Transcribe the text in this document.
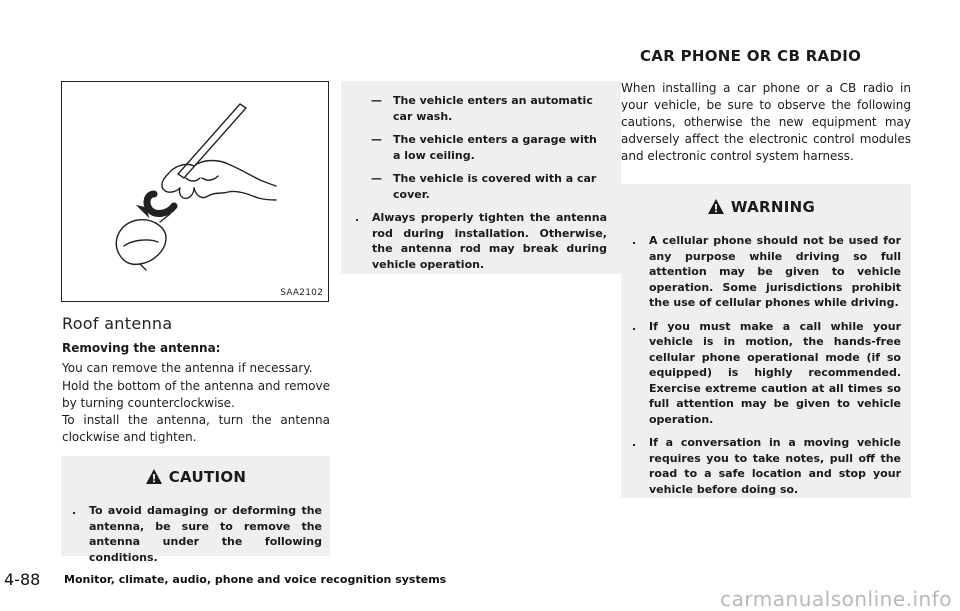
SAA2102
Roof antenna
Removing the antenna:
You can remove the antenna if necessary.
Hold the bottom of the antenna and remove by turning counterclockwise.
To install the antenna, turn the antenna clockwise and tighten.
CAUTION
. To avoid damaging or deforming the antenna, be sure to remove the antenna under the following conditions.
— The vehicle enters an automatic car wash.
— The vehicle enters a garage with a low ceiling.
— The vehicle is covered with a car cover.
. Always properly tighten the antenna rod during installation. Otherwise, the antenna rod may break during vehicle operation.
CAR PHONE OR CB RADIO
When installing a car phone or a CB radio in your vehicle, be sure to observe the following cautions, otherwise the new equipment may adversely affect the electronic control modules and electronic control system harness.
WARNING
. A cellular phone should not be used for any purpose while driving so full attention may be given to vehicle operation. Some jurisdictions prohibit the use of cellular phones while driving.
. If you must make a call while your vehicle is in motion, the hands-free cellular phone operational mode (if so equipped) is highly recommended. Exercise extreme caution at all times so full attention may be given to vehicle operation.
. If a conversation in a moving vehicle requires you to take notes, pull off the road to a safe location and stop your vehicle before doing so.
4-88 Monitor, climate, audio, phone and voice recognition systems
carmanualsonline.info
